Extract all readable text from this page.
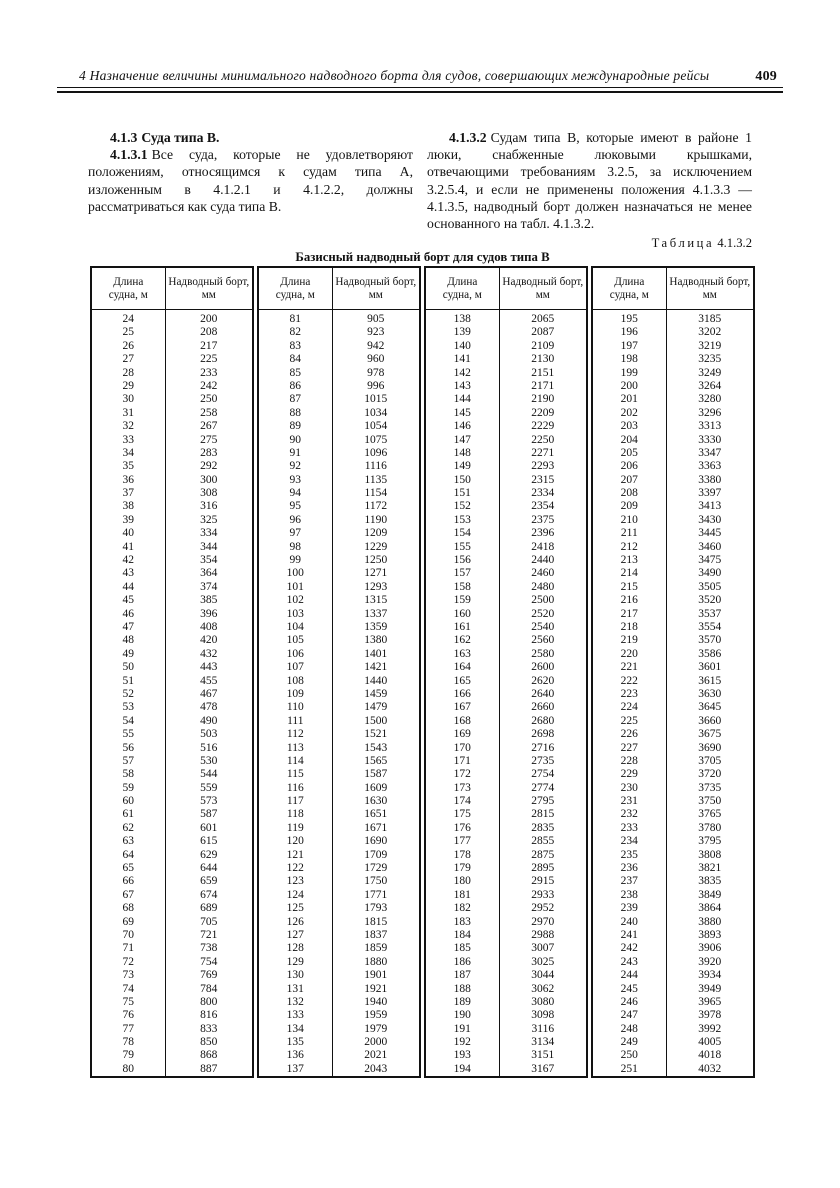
4 Назначение величины минимального надводного борта для судов, совершающих международные рейсы	409

4.1.3 Суда типа В.

4.1.3.1 Все суда, которые не удовлетворяют положениям, относящимся к судам типа А, изложенным в 4.1.2.1 и 4.1.2.2, должны рассматриваться как суда типа В.

4.1.3.2 Судам типа В, которые имеют в районе 1 люки, снабженные люковыми крышками, отвечающими требованиям 3.2.5, за исключением 3.2.5.4, и если не применены положения 4.1.3.3 — 4.1.3.5, надводный борт должен назначаться не менее основанного на табл. 4.1.3.2.

Таблица 4.1.3.2
Базисный надводный борт для судов типа В
Длина судна, м
Надводный борт, мм
24
25
26
27
28
29
30
31
32
33
34
35
36
37
38
39
40
41
42
43
44
45
46
47
48
49
50
51
52
53
54
55
56
57
58
59
60
61
62
63
64
65
66
67
68
69
70
71
72
73
74
75
76
77
78
79
80
200
208
217
225
233
242
250
258
267
275
283
292
300
308
316
325
334
344
354
364
374
385
396
408
420
432
443
455
467
478
490
503
516
530
544
559
573
587
601
615
629
644
659
674
689
705
721
738
754
769
784
800
816
833
850
868
887
Длина судна, м
Надводный борт, мм
81
82
83
84
85
86
87
88
89
90
91
92
93
94
95
96
97
98
99
100
101
102
103
104
105
106
107
108
109
110
111
112
113
114
115
116
117
118
119
120
121
122
123
124
125
126
127
128
129
130
131
132
133
134
135
136
137
905
923
942
960
978
996
1015
1034
1054
1075
1096
1116
1135
1154
1172
1190
1209
1229
1250
1271
1293
1315
1337
1359
1380
1401
1421
1440
1459
1479
1500
1521
1543
1565
1587
1609
1630
1651
1671
1690
1709
1729
1750
1771
1793
1815
1837
1859
1880
1901
1921
1940
1959
1979
2000
2021
2043
Длина судна, м
Надводный борт, мм
138
139
140
141
142
143
144
145
146
147
148
149
150
151
152
153
154
155
156
157
158
159
160
161
162
163
164
165
166
167
168
169
170
171
172
173
174
175
176
177
178
179
180
181
182
183
184
185
186
187
188
189
190
191
192
193
194
2065
2087
2109
2130
2151
2171
2190
2209
2229
2250
2271
2293
2315
2334
2354
2375
2396
2418
2440
2460
2480
2500
2520
2540
2560
2580
2600
2620
2640
2660
2680
2698
2716
2735
2754
2774
2795
2815
2835
2855
2875
2895
2915
2933
2952
2970
2988
3007
3025
3044
3062
3080
3098
3116
3134
3151
3167
Длина судна, м
Надводный борт, мм
195
196
197
198
199
200
201
202
203
204
205
206
207
208
209
210
211
212
213
214
215
216
217
218
219
220
221
222
223
224
225
226
227
228
229
230
231
232
233
234
235
236
237
238
239
240
241
242
243
244
245
246
247
248
249
250
251
3185
3202
3219
3235
3249
3264
3280
3296
3313
3330
3347
3363
3380
3397
3413
3430
3445
3460
3475
3490
3505
3520
3537
3554
3570
3586
3601
3615
3630
3645
3660
3675
3690
3705
3720
3735
3750
3765
3780
3795
3808
3821
3835
3849
3864
3880
3893
3906
3920
3934
3949
3965
3978
3992
4005
4018
4032
